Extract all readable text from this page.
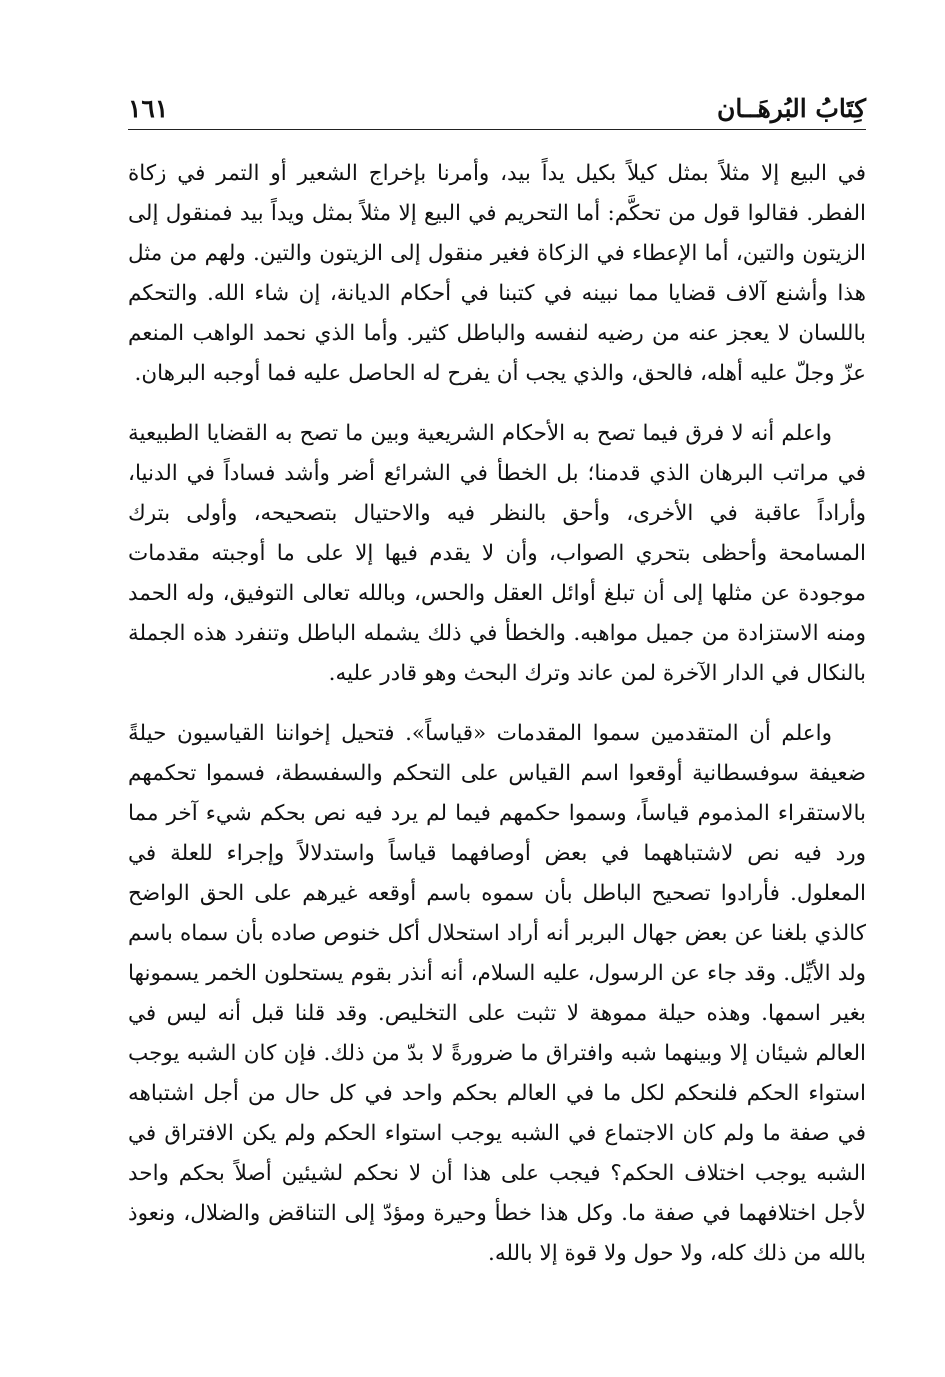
كِتَابُ البُرهَــان
١٦١

في البيع إلا مثلاً بمثل كيلاً بكيل يداً بيد، وأمرنا بإخراج الشعير أو التمر في زكاة الفطر. فقالوا قول من تحكَّم: أما التحريم في البيع إلا مثلاً بمثل ويداً بيد فمنقول إلى الزيتون والتين، أما الإعطاء في الزكاة فغير منقول إلى الزيتون والتين. ولهم من مثل هذا وأشنع آلاف قضايا مما نبينه في كتبنا في أحكام الديانة، إن شاء الله. والتحكم باللسان لا يعجز عنه من رضيه لنفسه والباطل كثير. وأما الذي نحمد الواهب المنعم عزّ وجلّ عليه أهله، فالحق، والذي يجب أن يفرح له الحاصل عليه فما أوجبه البرهان.

واعلم أنه لا فرق فيما تصح به الأحكام الشريعية وبين ما تصح به القضايا الطبيعية في مراتب البرهان الذي قدمنا؛ بل الخطأ في الشرائع أضر وأشد فساداً في الدنيا، وأراداً عاقبة في الأخرى، وأحق بالنظر فيه والاحتيال بتصحيحه، وأولى بترك المسامحة وأحظى بتحري الصواب، وأن لا يقدم فيها إلا على ما أوجبته مقدمات موجودة عن مثلها إلى أن تبلغ أوائل العقل والحس، وبالله تعالى التوفيق، وله الحمد ومنه الاستزادة من جميل مواهبه. والخطأ في ذلك يشمله الباطل وتنفرد هذه الجملة بالنكال في الدار الآخرة لمن عاند وترك البحث وهو قادر عليه.

واعلم أن المتقدمين سموا المقدمات «قياساً». فتحيل إخواننا القياسيون حيلةً ضعيفة سوفسطانية أوقعوا اسم القياس على التحكم والسفسطة، فسموا تحكمهم بالاستقراء المذموم قياساً، وسموا حكمهم فيما لم يرد فيه نص بحكم شيء آخر مما ورد فيه نص لاشتباههما في بعض أوصافهما قياساً واستدلالاً وإجراء للعلة في المعلول. فأرادوا تصحيح الباطل بأن سموه باسم أوقعه غيرهم على الحق الواضح كالذي بلغنا عن بعض جهال البربر أنه أراد استحلال أكل خنوص صاده بأن سماه باسم ولد الأيِّل. وقد جاء عن الرسول، عليه السلام، أنه أنذر بقوم يستحلون الخمر يسمونها بغير اسمها. وهذه حيلة مموهة لا تثبت على التخليص. وقد قلنا قبل أنه ليس في العالم شيئان إلا وبينهما شبه وافتراق ما ضرورةً لا بدّ من ذلك. فإن كان الشبه يوجب استواء الحكم فلنحكم لكل ما في العالم بحكم واحد في كل حال من أجل اشتباهه في صفة ما ولم كان الاجتماع في الشبه يوجب استواء الحكم ولم يكن الافتراق في الشبه يوجب اختلاف الحكم؟ فيجب على هذا أن لا نحكم لشيئين أصلاً بحكم واحد لأجل اختلافهما في صفة ما. وكل هذا خطأ وحيرة ومؤدّ إلى التناقض والضلال، ونعوذ بالله من ذلك كله، ولا حول ولا قوة إلا بالله.
